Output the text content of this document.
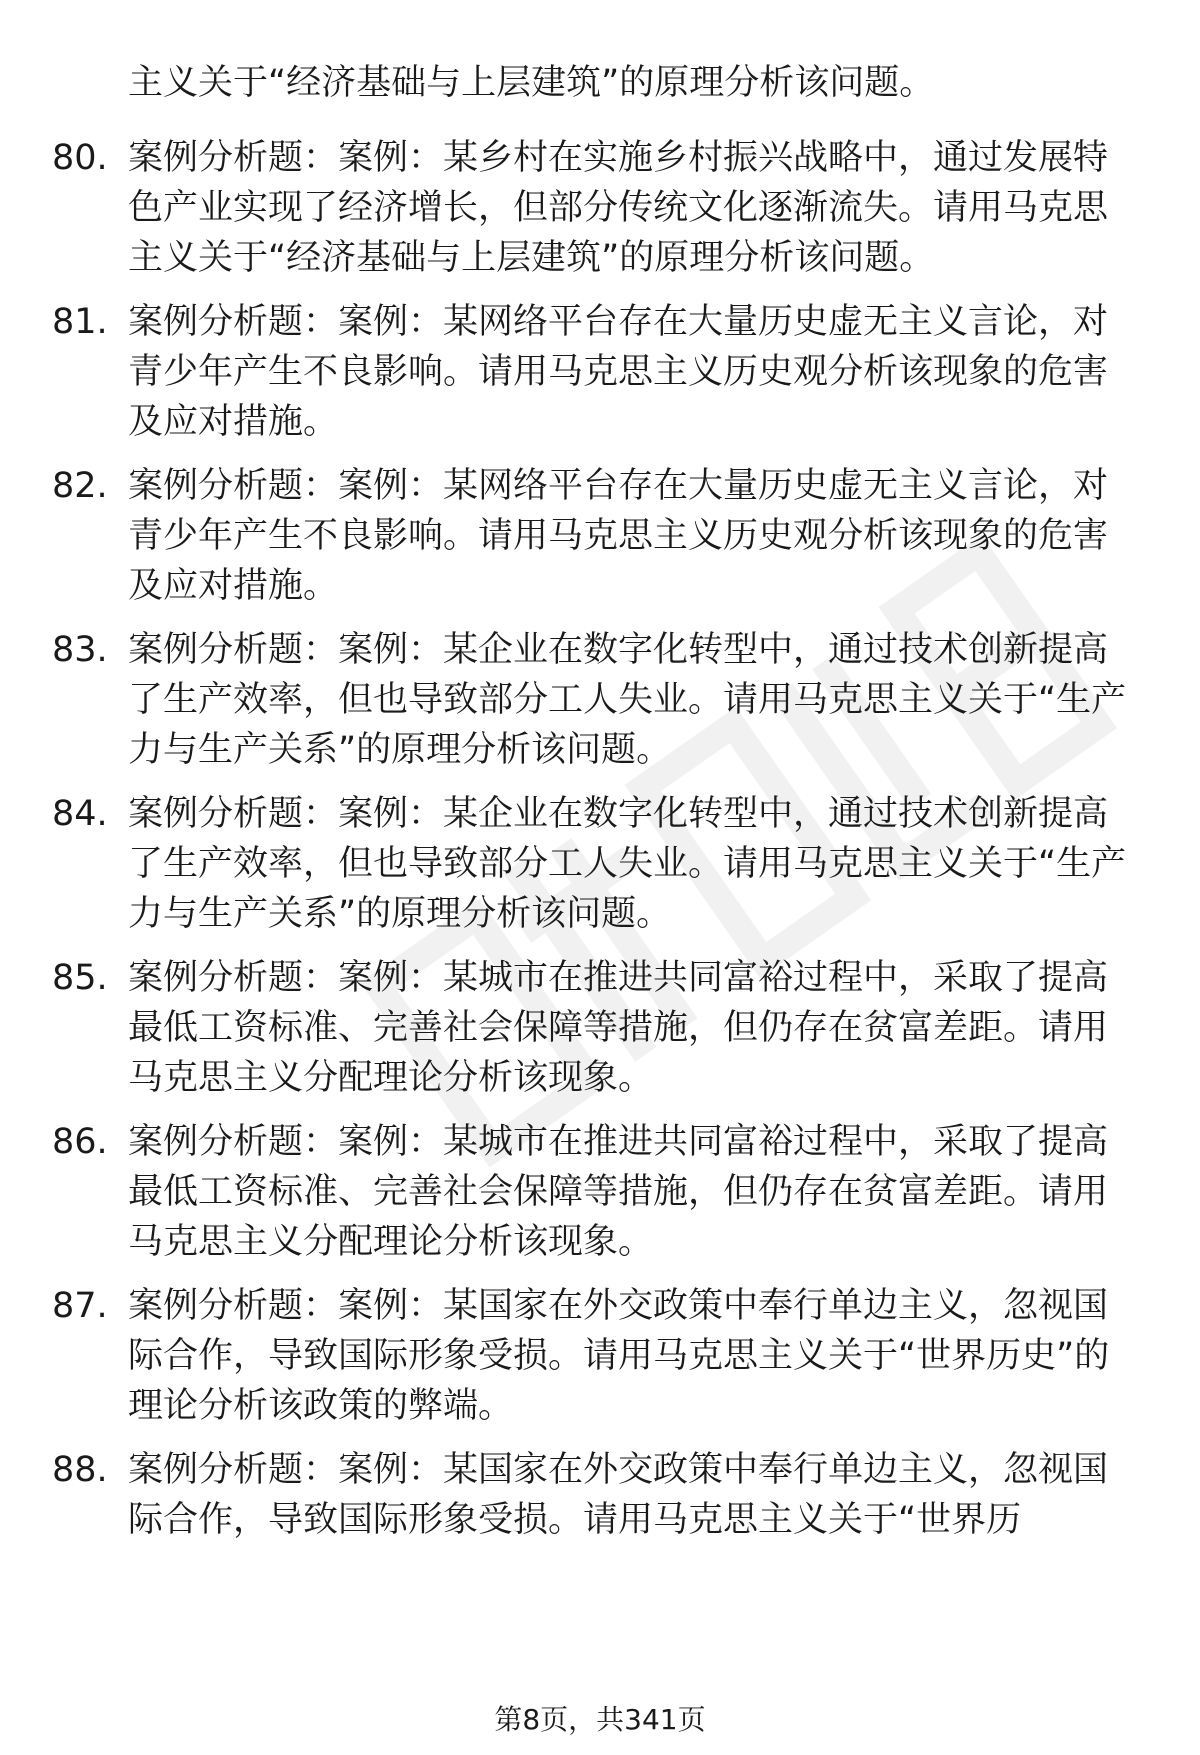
主义关于“经济基础与上层建筑”的原理分析该问题。

80. 案例分析题：案例：某乡村在实施乡村振兴战略中，通过发展特色产业实现了经济增长，但部分传统文化逐渐流失。请用马克思主义关于“经济基础与上层建筑”的原理分析该问题。

81. 案例分析题：案例：某网络平台存在大量历史虚无主义言论，对青少年产生不良影响。请用马克思主义历史观分析该现象的危害及应对措施。

82. 案例分析题：案例：某网络平台存在大量历史虚无主义言论，对青少年产生不良影响。请用马克思主义历史观分析该现象的危害及应对措施。

83. 案例分析题：案例：某企业在数字化转型中，通过技术创新提高了生产效率，但也导致部分工人失业。请用马克思主义关于“生产力与生产关系”的原理分析该问题。

84. 案例分析题：案例：某企业在数字化转型中，通过技术创新提高了生产效率，但也导致部分工人失业。请用马克思主义关于“生产力与生产关系”的原理分析该问题。

85. 案例分析题：案例：某城市在推进共同富裕过程中，采取了提高最低工资标准、完善社会保障等措施，但仍存在贫富差距。请用马克思主义分配理论分析该现象。

86. 案例分析题：案例：某城市在推进共同富裕过程中，采取了提高最低工资标准、完善社会保障等措施，但仍存在贫富差距。请用马克思主义分配理论分析该现象。

87. 案例分析题：案例：某国家在外交政策中奉行单边主义，忽视国际合作，导致国际形象受损。请用马克思主义关于“世界历史”的理论分析该政策的弊端。

88. 案例分析题：案例：某国家在外交政策中奉行单边主义，忽视国际合作，导致国际形象受损。请用马克思主义关于“世界历

第8页，共341页
